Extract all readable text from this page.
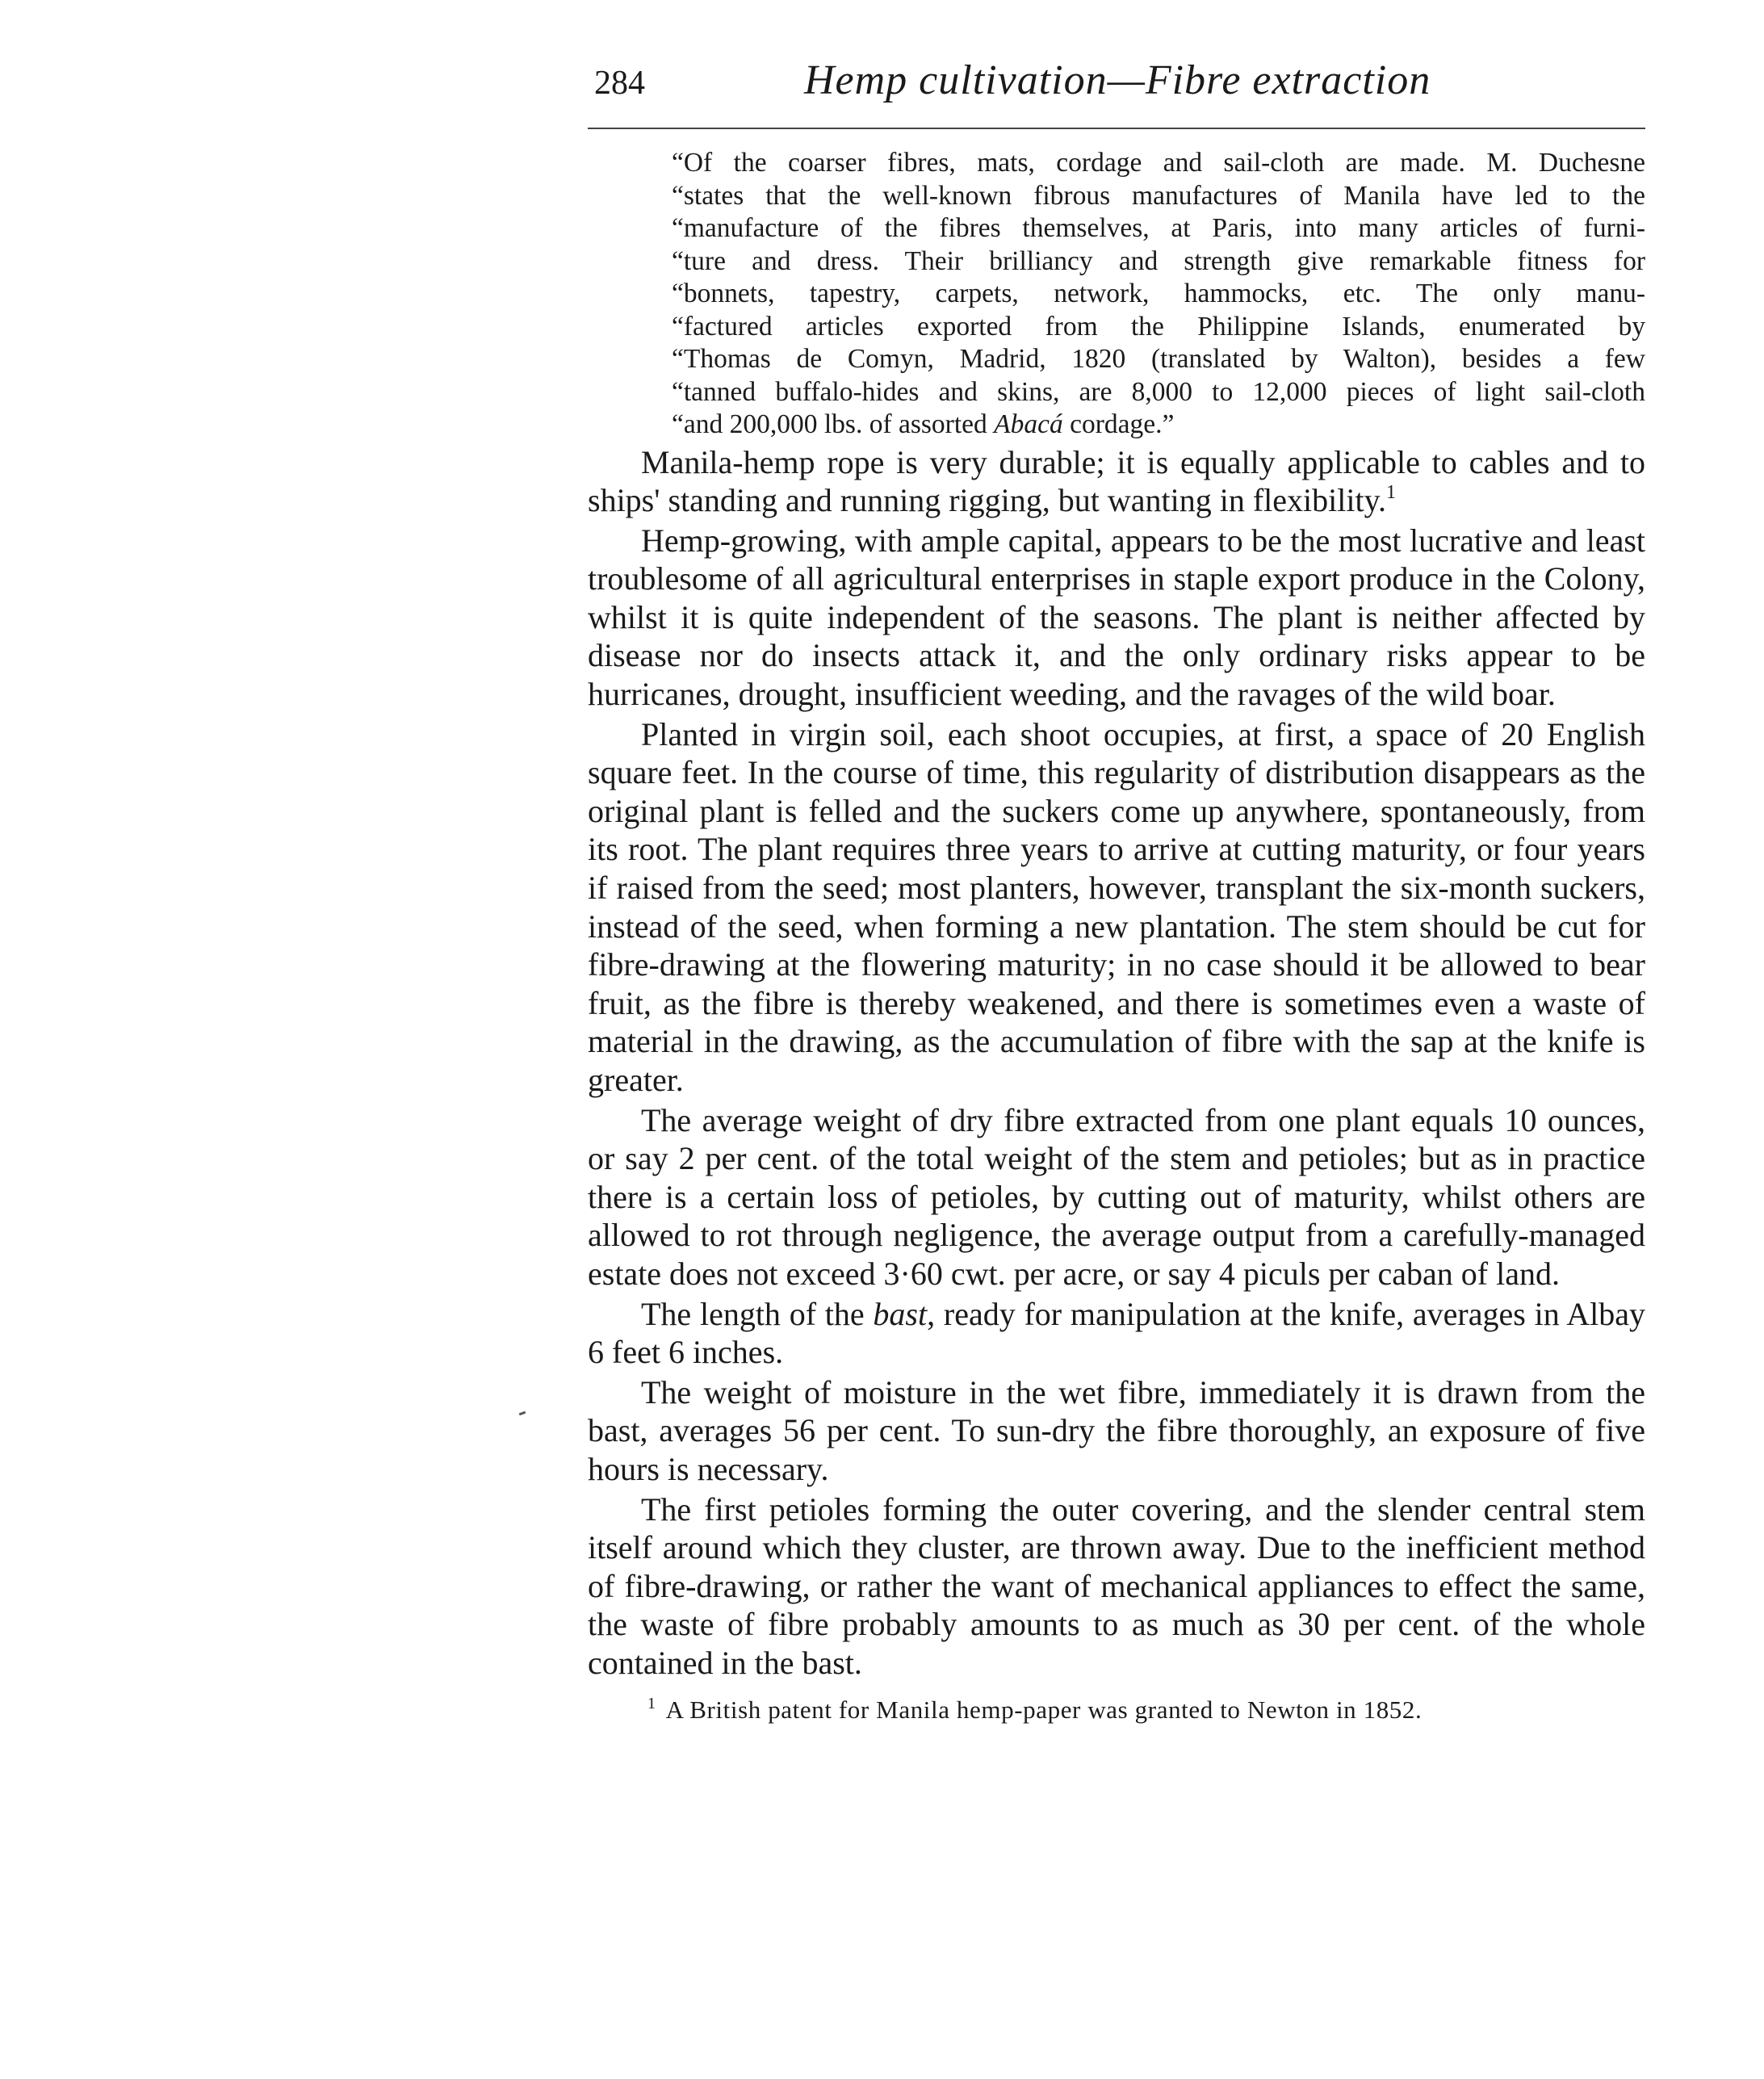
284	Hemp cultivation—Fibre extraction
“Of the coarser fibres, mats, cordage and sail-cloth are made. M. Duchesne
“states that the well-known fibrous manufactures of Manila have led to the
“manufacture of the fibres themselves, at Paris, into many articles of furni-
“ture and dress. Their brilliancy and strength give remarkable fitness for
“bonnets, tapestry, carpets, network, hammocks, etc. The only manu-
“factured articles exported from the Philippine Islands, enumerated by
“Thomas de Comyn, Madrid, 1820 (translated by Walton), besides a few
“tanned buffalo-hides and skins, are 8,000 to 12,000 pieces of light sail-cloth
“and 200,000 lbs. of assorted Abacá cordage.”

Manila-hemp rope is very durable; it is equally applicable to cables and to ships' standing and running rigging, but wanting in flexibility.$^1$

Hemp-growing, with ample capital, appears to be the most lucrative and least troublesome of all agricultural enterprises in staple export produce in the Colony, whilst it is quite independent of the seasons. The plant is neither affected by disease nor do insects attack it, and the only ordinary risks appear to be hurricanes, drought, insufficient weeding, and the ravages of the wild boar.

Planted in virgin soil, each shoot occupies, at first, a space of 20 English square feet. In the course of time, this regularity of distribution disappears as the original plant is felled and the suckers come up anywhere, spontaneously, from its root. The plant requires three years to arrive at cutting maturity, or four years if raised from the seed; most planters, however, transplant the six-month suckers, instead of the seed, when forming a new plantation. The stem should be cut for fibre-drawing at the flowering maturity; in no case should it be allowed to bear fruit, as the fibre is thereby weakened, and there is sometimes even a waste of material in the drawing, as the accumulation of fibre with the sap at the knife is greater.

The average weight of dry fibre extracted from one plant equals 10 ounces, or say 2 per cent. of the total weight of the stem and petioles; but as in practice there is a certain loss of petioles, by cutting out of maturity, whilst others are allowed to rot through negligence, the average output from a carefully-managed estate does not exceed 3·60 cwt. per acre, or say 4 piculs per caban of land.

The length of the bast, ready for manipulation at the knife, averages in Albay 6 feet 6 inches.

The weight of moisture in the wet fibre, immediately it is drawn from the bast, averages 56 per cent. To sun-dry the fibre thoroughly, an exposure of five hours is necessary.

The first petioles forming the outer covering, and the slender central stem itself around which they cluster, are thrown away. Due to the inefficient method of fibre-drawing, or rather the want of mechanical appliances to effect the same, the waste of fibre probably amounts to as much as 30 per cent. of the whole contained in the bast.

$^1$ A British patent for Manila hemp-paper was granted to Newton in 1852.
